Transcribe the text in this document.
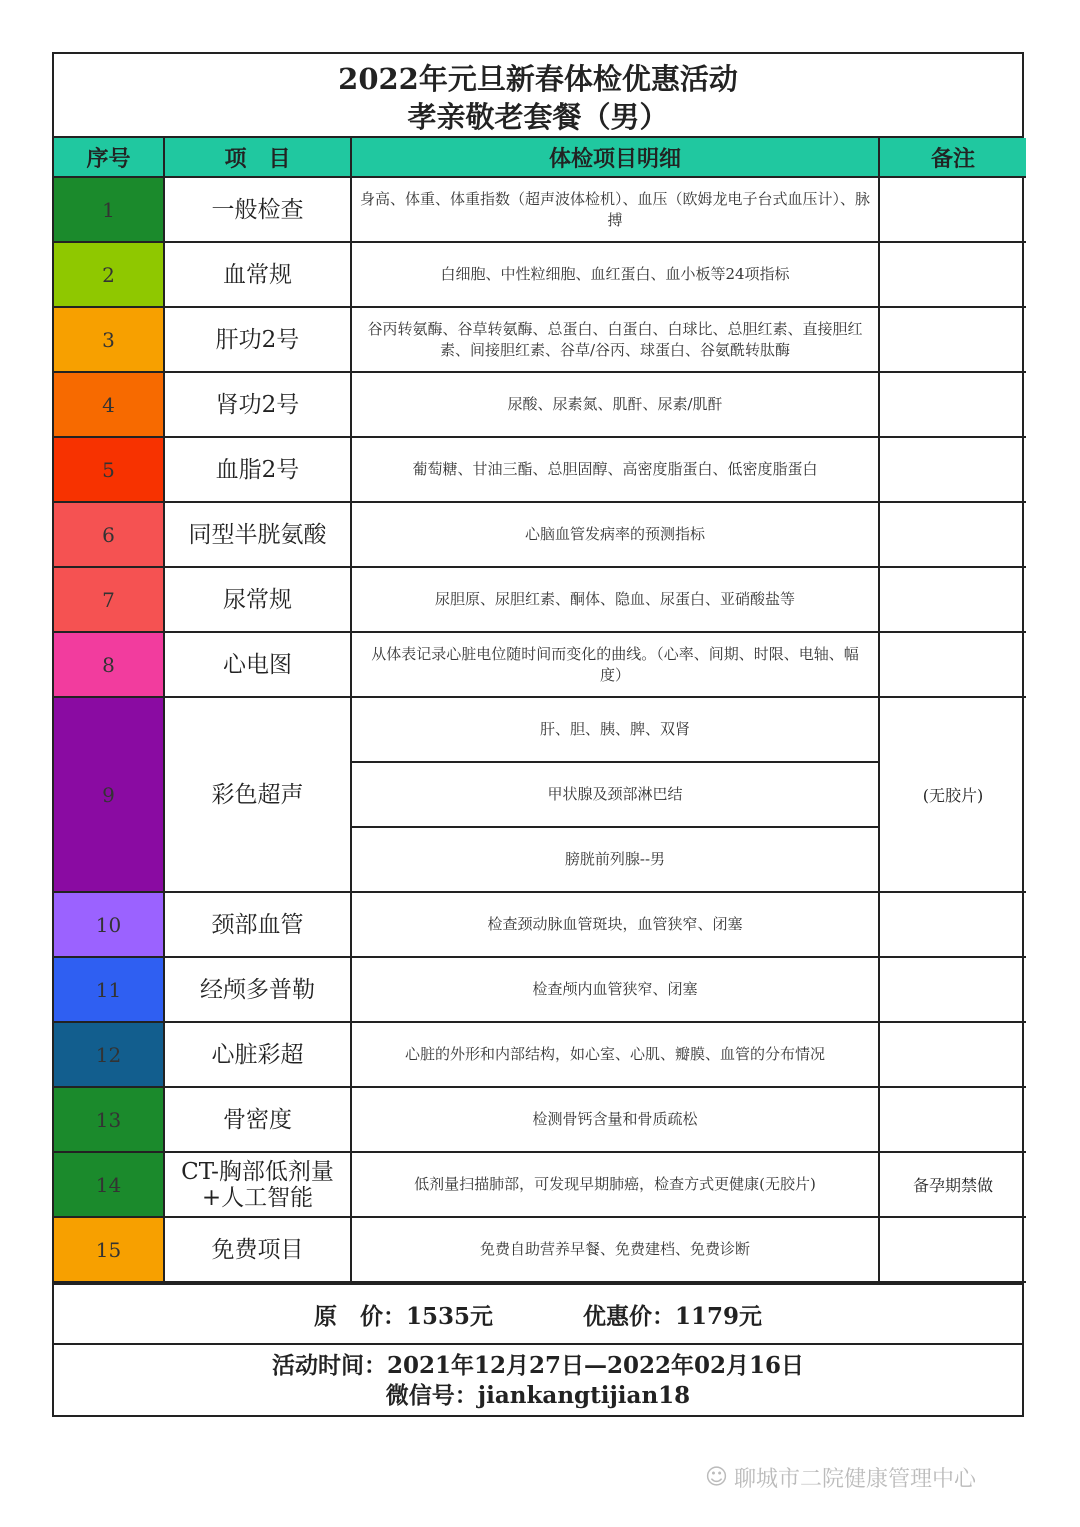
2022年元旦新春体检优惠活动
孝亲敬老套餐（男）
序号	项　目	体检项目明细	备注
1	一般检查	身高、体重、体重指数（超声波体检机）、血压（欧姆龙电子台式血压计）、脉搏	
2	血常规	白细胞、中性粒细胞、血红蛋白、血小板等24项指标	
3	肝功2号	谷丙转氨酶、谷草转氨酶、总蛋白、白蛋白、白球比、总胆红素、直接胆红素、间接胆红素、谷草/谷丙、球蛋白、谷氨酰转肽酶	
4	肾功2号	尿酸、尿素氮、肌酐、尿素/肌酐	
5	血脂2号	葡萄糖、甘油三酯、总胆固醇、高密度脂蛋白、低密度脂蛋白	
6	同型半胱氨酸	心脑血管发病率的预测指标	
7	尿常规	尿胆原、尿胆红素、酮体、隐血、尿蛋白、亚硝酸盐等	
8	心电图	从体表记录心脏电位随时间而变化的曲线。（心率、间期、时限、电轴、幅度）	
9	彩色超声	肝、胆、胰、脾、双肾	(无胶片)
		甲状腺及颈部淋巴结	
		膀胱前列腺--男	
10	颈部血管	检查颈动脉血管斑块，血管狭窄、闭塞	
11	经颅多普勒	检查颅内血管狭窄、闭塞	
12	心脏彩超	心脏的外形和内部结构，如心室、心肌、瓣膜、血管的分布情况	
13	骨密度	检测骨钙含量和骨质疏松	
14	CT-胸部低剂量+人工智能	低剂量扫描肺部，可发现早期肺癌，检查方式更健康(无胶片)	备孕期禁做
15	免费项目	免费自助营养早餐、免费建档、免费诊断	
原　价：1535元	优惠价：1179元
活动时间：2021年12月27日—2022年02月16日
微信号：jiankangtijian18
☺ 聊城市二院健康管理中心
